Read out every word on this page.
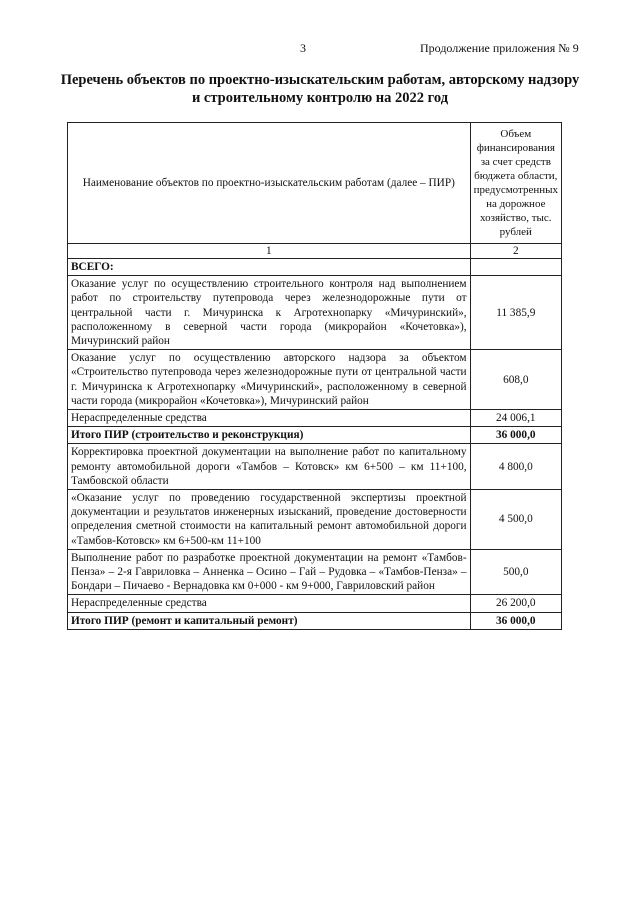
3	Продолжение приложения № 9
Перечень объектов по проектно-изыскательским работам, авторскому надзору и строительному контролю на 2022 год
Наименование объектов по проектно-изыскательским работам (далее – ПИР)	Объем финансирования за счет средств бюджета области, предусмотренных на дорожное хозяйство, тыс. рублей
1	2
ВСЕГО:	
Оказание услуг по осуществлению строительного контроля над выполнением работ по строительству путепровода через железнодорожные пути от центральной части г. Мичуринска к Агротехнопарку «Мичуринский», расположенному в северной части города (микрорайон «Кочетовка»), Мичуринский район	11 385,9
Оказание услуг по осуществлению авторского надзора за объектом «Строительство путепровода через железнодорожные пути от центральной части г. Мичуринска к Агротехнопарку «Мичуринский», расположенному в северной части города (микрорайон «Кочетовка»), Мичуринский район	608,0
Нераспределенные средства	24 006,1
Итого ПИР (строительство и реконструкция)	36 000,0
Корректировка проектной документации на выполнение работ по капитальному ремонту автомобильной дороги «Тамбов – Котовск» км 6+500 – км 11+100, Тамбовской области	4 800,0
«Оказание услуг по проведению государственной экспертизы проектной документации и результатов инженерных изысканий, проведение достоверности определения сметной стоимости на капитальный ремонт автомобильной дороги «Тамбов-Котовск» км 6+500-км 11+100	4 500,0
Выполнение работ по разработке проектной документации на ремонт «Тамбов-Пенза» – 2-я Гавриловка – Анненка – Осино – Гай – Рудовка – «Тамбов-Пенза» – Бондари – Пичаево - Вернадовка км 0+000 - км 9+000, Гавриловский район	500,0
Нераспределенные средства	26 200,0
Итого ПИР (ремонт и капитальный ремонт)	36 000,0
